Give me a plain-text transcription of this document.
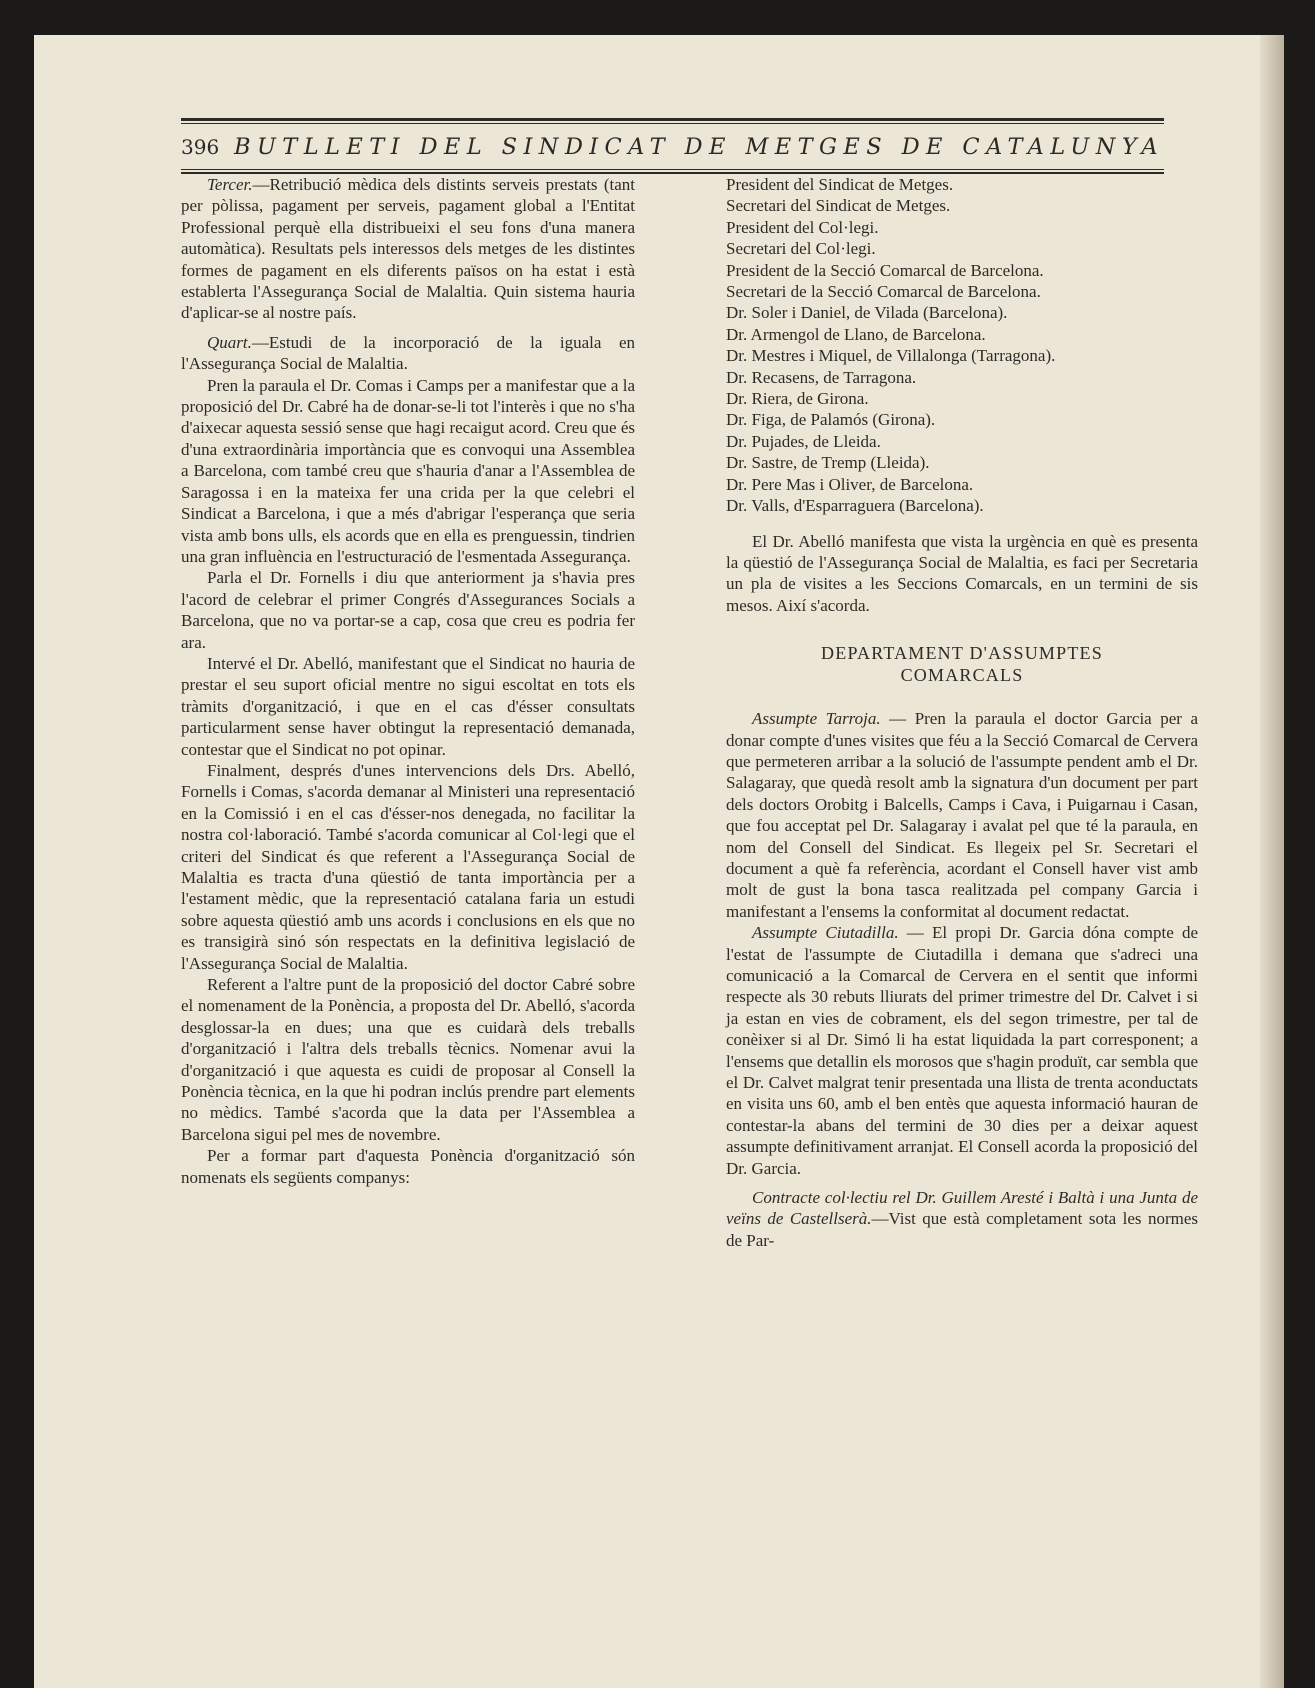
396 BUTLLETI DEL SINDICAT DE METGES DE CATALUNYA

Tercer.—Retribució mèdica dels distints serveis prestats (tant per pòlissa, pagament per serveis, pagament global a l'Entitat Professional perquè ella distribueixi el seu fons d'una manera automàtica). Resultats pels interessos dels metges de les distintes formes de pagament en els diferents països on ha estat i està establerta l'Assegurança Social de Malaltia. Quin sistema hauria d'aplicar-se al nostre país.

Quart.—Estudi de la incorporació de la iguala en l'Assegurança Social de Malaltia.

Pren la paraula el Dr. Comas i Camps per a manifestar que a la proposició del Dr. Cabré ha de donar-se-li tot l'interès i que no s'ha d'aixecar aquesta sessió sense que hagi recaigut acord. Creu que és d'una extraordinària importància que es convoqui una Assemblea a Barcelona, com també creu que s'hauria d'anar a l'Assemblea de Saragossa i en la mateixa fer una crida per la que celebri el Sindicat a Barcelona, i que a més d'abrigar l'esperança que seria vista amb bons ulls, els acords que en ella es prenguessin, tindrien una gran influència en l'estructuració de l'esmentada Assegurança.

Parla el Dr. Fornells i diu que anteriorment ja s'havia pres l'acord de celebrar el primer Congrés d'Assegurances Socials a Barcelona, que no va portar-se a cap, cosa que creu es podria fer ara.

Intervé el Dr. Abelló, manifestant que el Sindicat no hauria de prestar el seu suport oficial mentre no sigui escoltat en tots els tràmits d'organització, i que en el cas d'ésser consultats particularment sense haver obtingut la representació demanada, contestar que el Sindicat no pot opinar.

Finalment, després d'unes intervencions dels Drs. Abelló, Fornells i Comas, s'acorda demanar al Ministeri una representació en la Comissió i en el cas d'ésser-nos denegada, no facilitar la nostra col·laboració. També s'acorda comunicar al Col·legi que el criteri del Sindicat és que referent a l'Assegurança Social de Malaltia es tracta d'una qüestió de tanta importància per a l'estament mèdic, que la representació catalana faria un estudi sobre aquesta qüestió amb uns acords i conclusions en els que no es transigirà sinó són respectats en la definitiva legislació de l'Assegurança Social de Malaltia.

Referent a l'altre punt de la proposició del doctor Cabré sobre el nomenament de la Ponència, a proposta del Dr. Abelló, s'acorda desglossar-la en dues; una que es cuidarà dels treballs d'organització i l'altra dels treballs tècnics. Nomenar avui la d'organització i que aquesta es cuidi de proposar al Consell la Ponència tècnica, en la que hi podran inclús prendre part elements no mèdics. També s'acorda que la data per l'Assemblea a Barcelona sigui pel mes de novembre.

Per a formar part d'aquesta Ponència d'organització són nomenats els següents companys:

President del Sindicat de Metges.
Secretari del Sindicat de Metges.
President del Col·legi.
Secretari del Col·legi.
President de la Secció Comarcal de Barcelona.
Secretari de la Secció Comarcal de Barcelona.
Dr. Soler i Daniel, de Vilada (Barcelona).
Dr. Armengol de Llano, de Barcelona.
Dr. Mestres i Miquel, de Villalonga (Tarragona).
Dr. Recasens, de Tarragona.
Dr. Riera, de Girona.
Dr. Figa, de Palamós (Girona).
Dr. Pujades, de Lleida.
Dr. Sastre, de Tremp (Lleida).
Dr. Pere Mas i Oliver, de Barcelona.
Dr. Valls, d'Esparraguera (Barcelona).

El Dr. Abelló manifesta que vista la urgència en què es presenta la qüestió de l'Assegurança Social de Malaltia, es faci per Secretaria un pla de visites a les Seccions Comarcals, en un termini de sis mesos. Així s'acorda.

DEPARTAMENT D'ASSUMPTES
COMARCALS

Assumpte Tarroja. — Pren la paraula el doctor Garcia per a donar compte d'unes visites que féu a la Secció Comarcal de Cervera que permeteren arribar a la solució de l'assumpte pendent amb el Dr. Salagaray, que quedà resolt amb la signatura d'un document per part dels doctors Orobitg i Balcells, Camps i Cava, i Puigarnau i Casan, que fou acceptat pel Dr. Salagaray i avalat pel que té la paraula, en nom del Consell del Sindicat. Es llegeix pel Sr. Secretari el document a què fa referència, acordant el Consell haver vist amb molt de gust la bona tasca realitzada pel company Garcia i manifestant a l'ensems la conformitat al document redactat.

Assumpte Ciutadilla. — El propi Dr. Garcia dóna compte de l'estat de l'assumpte de Ciutadilla i demana que s'adreci una comunicació a la Comarcal de Cervera en el sentit que informi respecte als 30 rebuts lliurats del primer trimestre del Dr. Calvet i si ja estan en vies de cobrament, els del segon trimestre, per tal de conèixer si al Dr. Simó li ha estat liquidada la part corresponent; a l'ensems que detallin els morosos que s'hagin produït, car sembla que el Dr. Calvet malgrat tenir presentada una llista de trenta aconductats en visita uns 60, amb el ben entès que aquesta informació hauran de contestar-la abans del termini de 30 dies per a deixar aquest assumpte definitivament arranjat. El Consell acorda la proposició del Dr. Garcia.

Contracte col·lectiu rel Dr. Guillem Aresté i Baltà i una Junta de veïns de Castellserà.—Vist que està completament sota les normes de Par-
